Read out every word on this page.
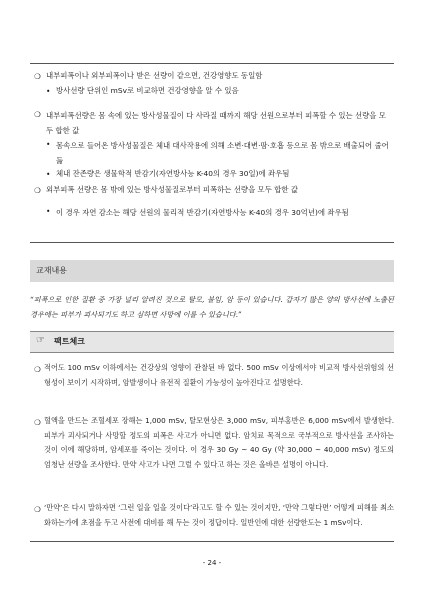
❍ 내부피폭이나 외부피폭이나 받은 선량이 같으면, 건강영향도 동일함
• 방사선량 단위인 mSv로 비교하면 건강영향을 알 수 있음
❍ 내부피폭선량은 몸 속에 있는 방사성물질이 다 사라질 때까지 해당 선원으로부터 피폭할 수 있는 선량을 모두 합한 값
• 몸속으로 들어온 방사성물질은 체내 대사작용에 의해 소변·대변·땀·호흡 등으로 몸 밖으로 배출되어 줄어듦
• 체내 잔존량은 생물학적 반감기(자연방사능 K-40의 경우 30일)에 좌우됨
❍ 외부피폭 선량은 몸 밖에 있는 방사성물질로부터 피폭하는 선량을 모두 합한 값
• 이 경우 자연 감소는 해당 선원의 물리적 반감기(자연방사능 K-40의 경우 30억년)에 좌우됨
교재내용
“피폭으로 인한 질환 중 가장 널리 알려진 것으로 탈모, 불임, 암 등이 있습니다. 갑자기 많은 양의 방사선에 노출된 경우에는 피부가 괴사되기도 하고 심하면 사망에 이를 수 있습니다.”
☞ 팩트체크
❍ 적어도 100 mSv 이하에서는 건강상의 영향이 관찰된 바 없다. 500 mSv 이상에서야 비교적 방사선위험의 선형성이 보이기 시작하며, 암발생이나 유전적 질환이 가능성이 높아진다고 설명한다.
❍ 혈액을 만드는 조혈세포 장해는 1,000 mSv, 탈모현상은 3,000 mSv, 피부홍반은 6,000 mSv에서 발생한다. 피부가 괴사되거나 사망할 정도의 피폭은 사고가 아니면 없다. 암치료 목적으로 국부적으로 방사선을 조사하는 것이 이에 해당하며, 암세포를 죽이는 것이다. 이 경우 30 Gy ~ 40 Gy (약 30,000 ~ 40,000 mSv) 정도의 엄청난 선량을 조사한다. 만약 사고가 나면 그럴 수 있다고 하는 것은 올바른 설명이 아니다.
❍ ‘만약’은 다시 말하자면 ‘그런 일을 일을 것이다’라고도 할 수 있는 것이지만, ‘만약 그렇다면’ 어떻게 피해를 최소화하는가에 초점을 두고 사전에 대비를 해 두는 것이 정답이다. 일반인에 대한 선량한도는 1 mSv이다.
- 24 -
